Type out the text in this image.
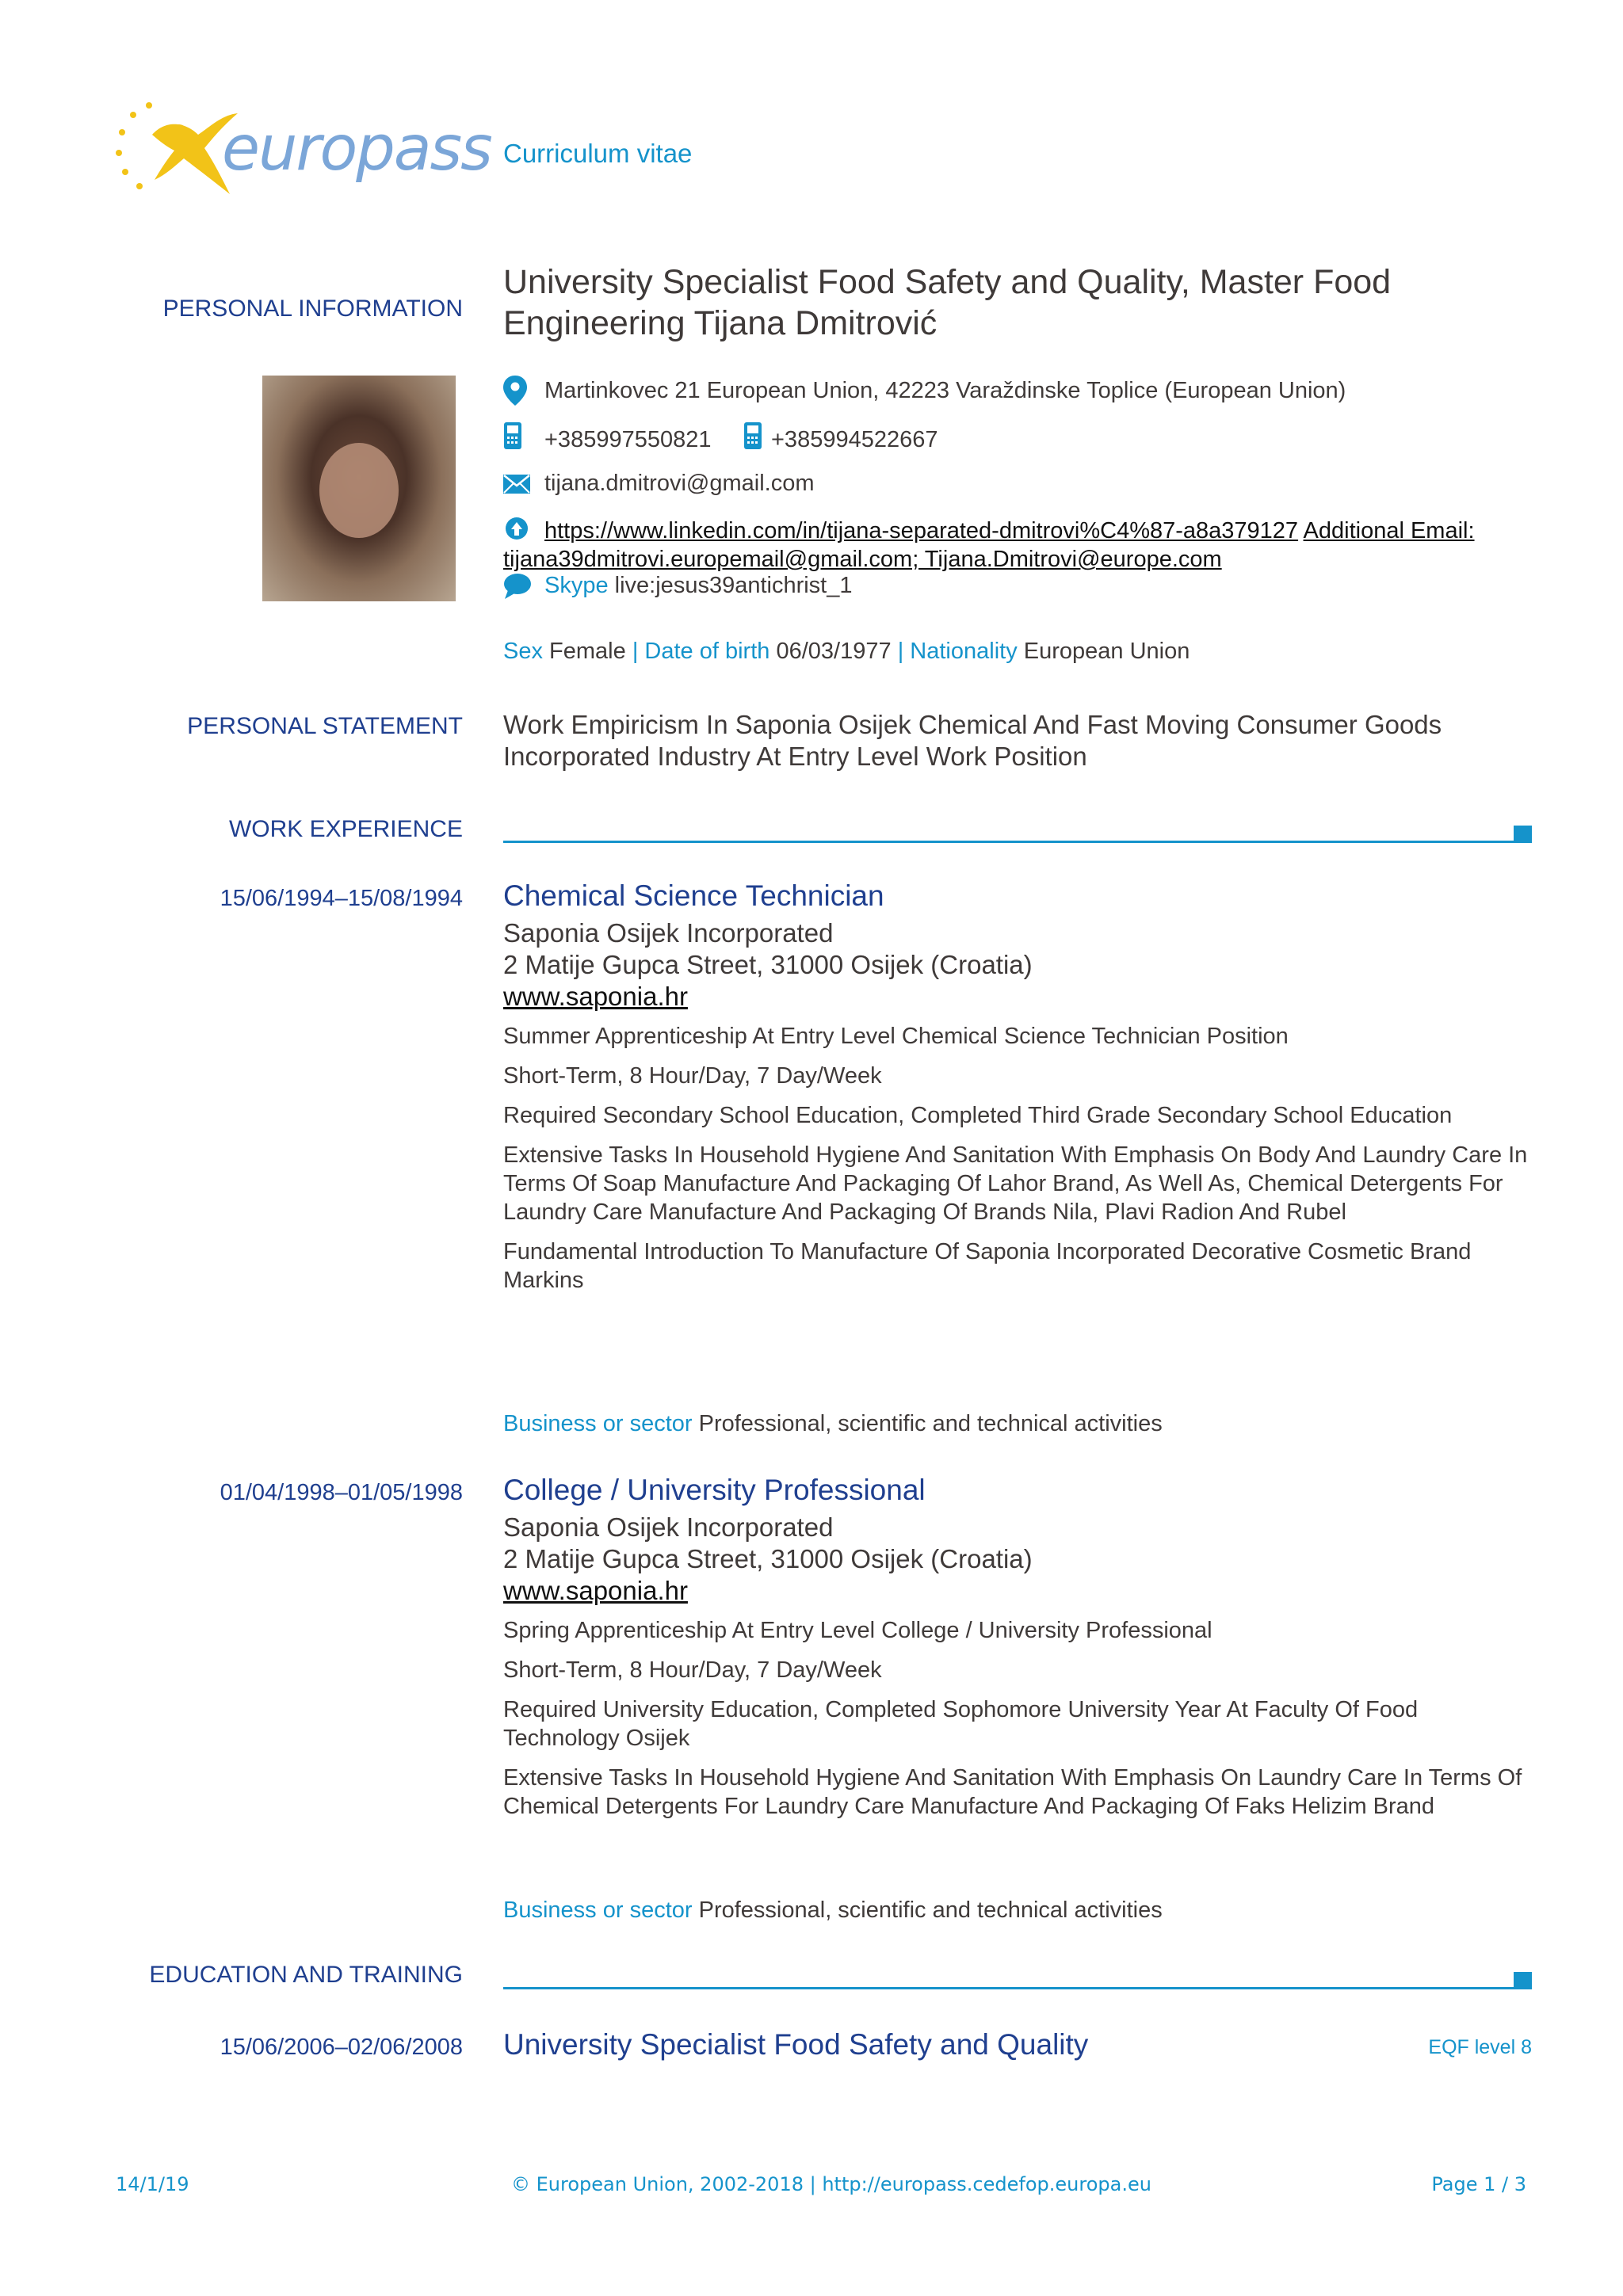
europass Curriculum vitae
PERSONAL INFORMATION
University Specialist Food Safety and Quality, Master Food
Engineering Tijana Dmitrović
Martinkovec 21 European Union, 42223 Varaždinske Toplice (European Union)
+385997550821	+385994522667
tijana.dmitrovi@gmail.com
https://www.linkedin.com/in/tijana-separated-dmitrovi%C4%87-a8a379127 Additional Email: tijana39dmitrovi.europemail@gmail.com; Tijana.Dmitrovi@europe.com
Skype live:jesus39antichrist_1
Sex Female | Date of birth 06/03/1977 | Nationality European Union
PERSONAL STATEMENT Work Empiricism In Saponia Osijek Chemical And Fast Moving Consumer Goods
Incorporated Industry At Entry Level Work Position
WORK EXPERIENCE
15/06/1994–15/08/1994 Chemical Science Technician
Saponia Osijek Incorporated
2 Matije Gupca Street, 31000 Osijek (Croatia)
www.saponia.hr
Summer Apprenticeship At Entry Level Chemical Science Technician Position
Short-Term, 8 Hour/Day, 7 Day/Week
Required Secondary School Education, Completed Third Grade Secondary School Education
Extensive Tasks In Household Hygiene And Sanitation With Emphasis On Body And Laundry Care In Terms Of Soap Manufacture And Packaging Of Lahor Brand, As Well As, Chemical Detergents For Laundry Care Manufacture And Packaging Of Brands Nila, Plavi Radion And Rubel
Fundamental Introduction To Manufacture Of Saponia Incorporated Decorative Cosmetic Brand Markins
Business or sector Professional, scientific and technical activities
01/04/1998–01/05/1998 College / University Professional
Saponia Osijek Incorporated
2 Matije Gupca Street, 31000 Osijek (Croatia)
www.saponia.hr
Spring Apprenticeship At Entry Level College / University Professional
Short-Term, 8 Hour/Day, 7 Day/Week
Required University Education, Completed Sophomore University Year At Faculty Of Food Technology Osijek
Extensive Tasks In Household Hygiene And Sanitation With Emphasis On Laundry Care In Terms Of Chemical Detergents For Laundry Care Manufacture And Packaging Of Faks Helizim Brand
Business or sector Professional, scientific and technical activities
EDUCATION AND TRAINING
15/06/2006–02/06/2008 University Specialist Food Safety and Quality	EQF level 8
14/1/19	© European Union, 2002-2018 | http://europass.cedefop.europa.eu	Page 1 / 3
